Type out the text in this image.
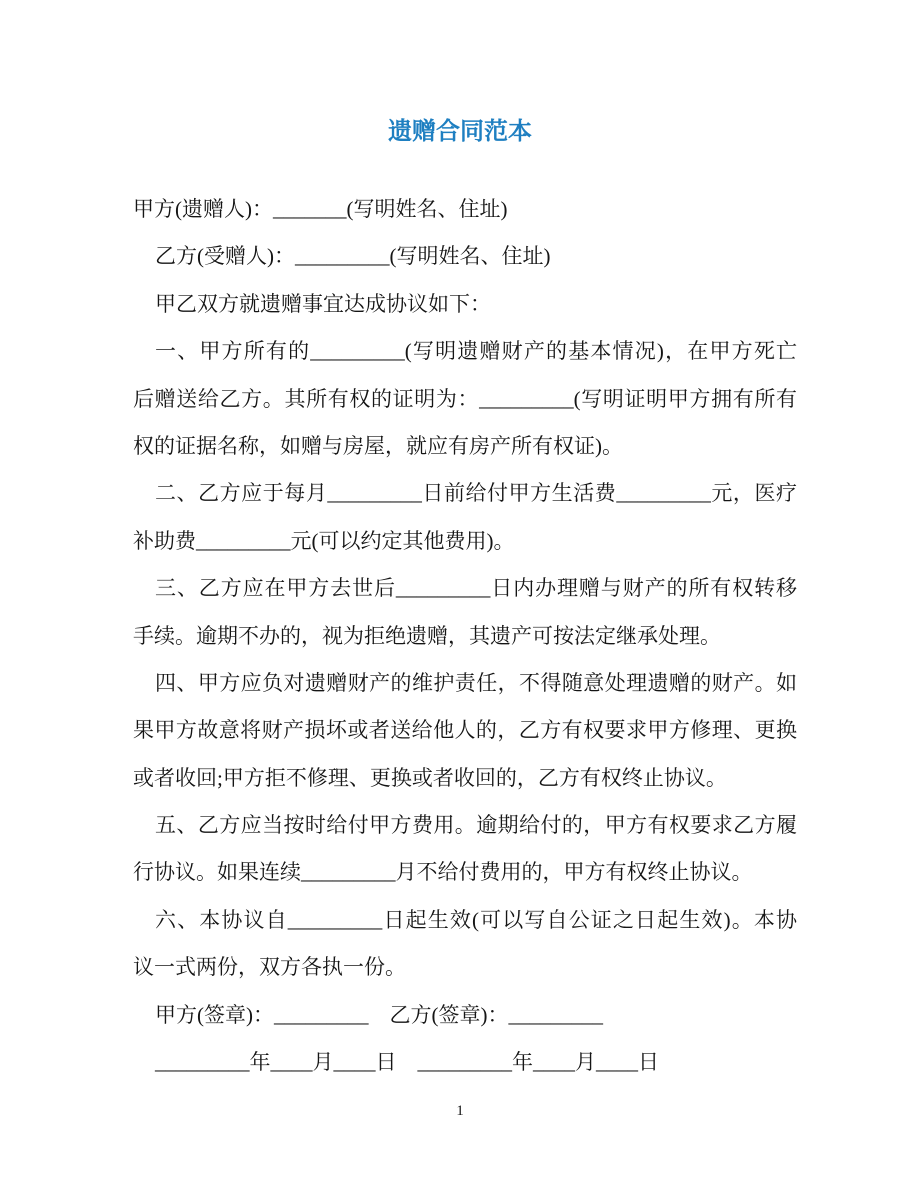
遗赠合同范本
甲方(遗赠人)：_______(写明姓名、住址)
乙方(受赠人)：_________(写明姓名、住址)
甲乙双方就遗赠事宜达成协议如下：
一、甲方所有的_________(写明遗赠财产的基本情况)，在甲方死亡
后赠送给乙方。其所有权的证明为：_________(写明证明甲方拥有所有
权的证据名称，如赠与房屋，就应有房产所有权证)。
二、乙方应于每月_________日前给付甲方生活费_________元，医疗
补助费_________元(可以约定其他费用)。
三、乙方应在甲方去世后_________日内办理赠与财产的所有权转移
手续。逾期不办的，视为拒绝遗赠，其遗产可按法定继承处理。
四、甲方应负对遗赠财产的维护责任，不得随意处理遗赠的财产。如
果甲方故意将财产损坏或者送给他人的，乙方有权要求甲方修理、更换
或者收回;甲方拒不修理、更换或者收回的，乙方有权终止协议。
五、乙方应当按时给付甲方费用。逾期给付的，甲方有权要求乙方履
行协议。如果连续_________月不给付费用的，甲方有权终止协议。
六、本协议自_________日起生效(可以写自公证之日起生效)。本协
议一式两份，双方各执一份。
甲方(签章)：_________　乙方(签章)：_________
_________年____月____日　_________年____月____日
1
